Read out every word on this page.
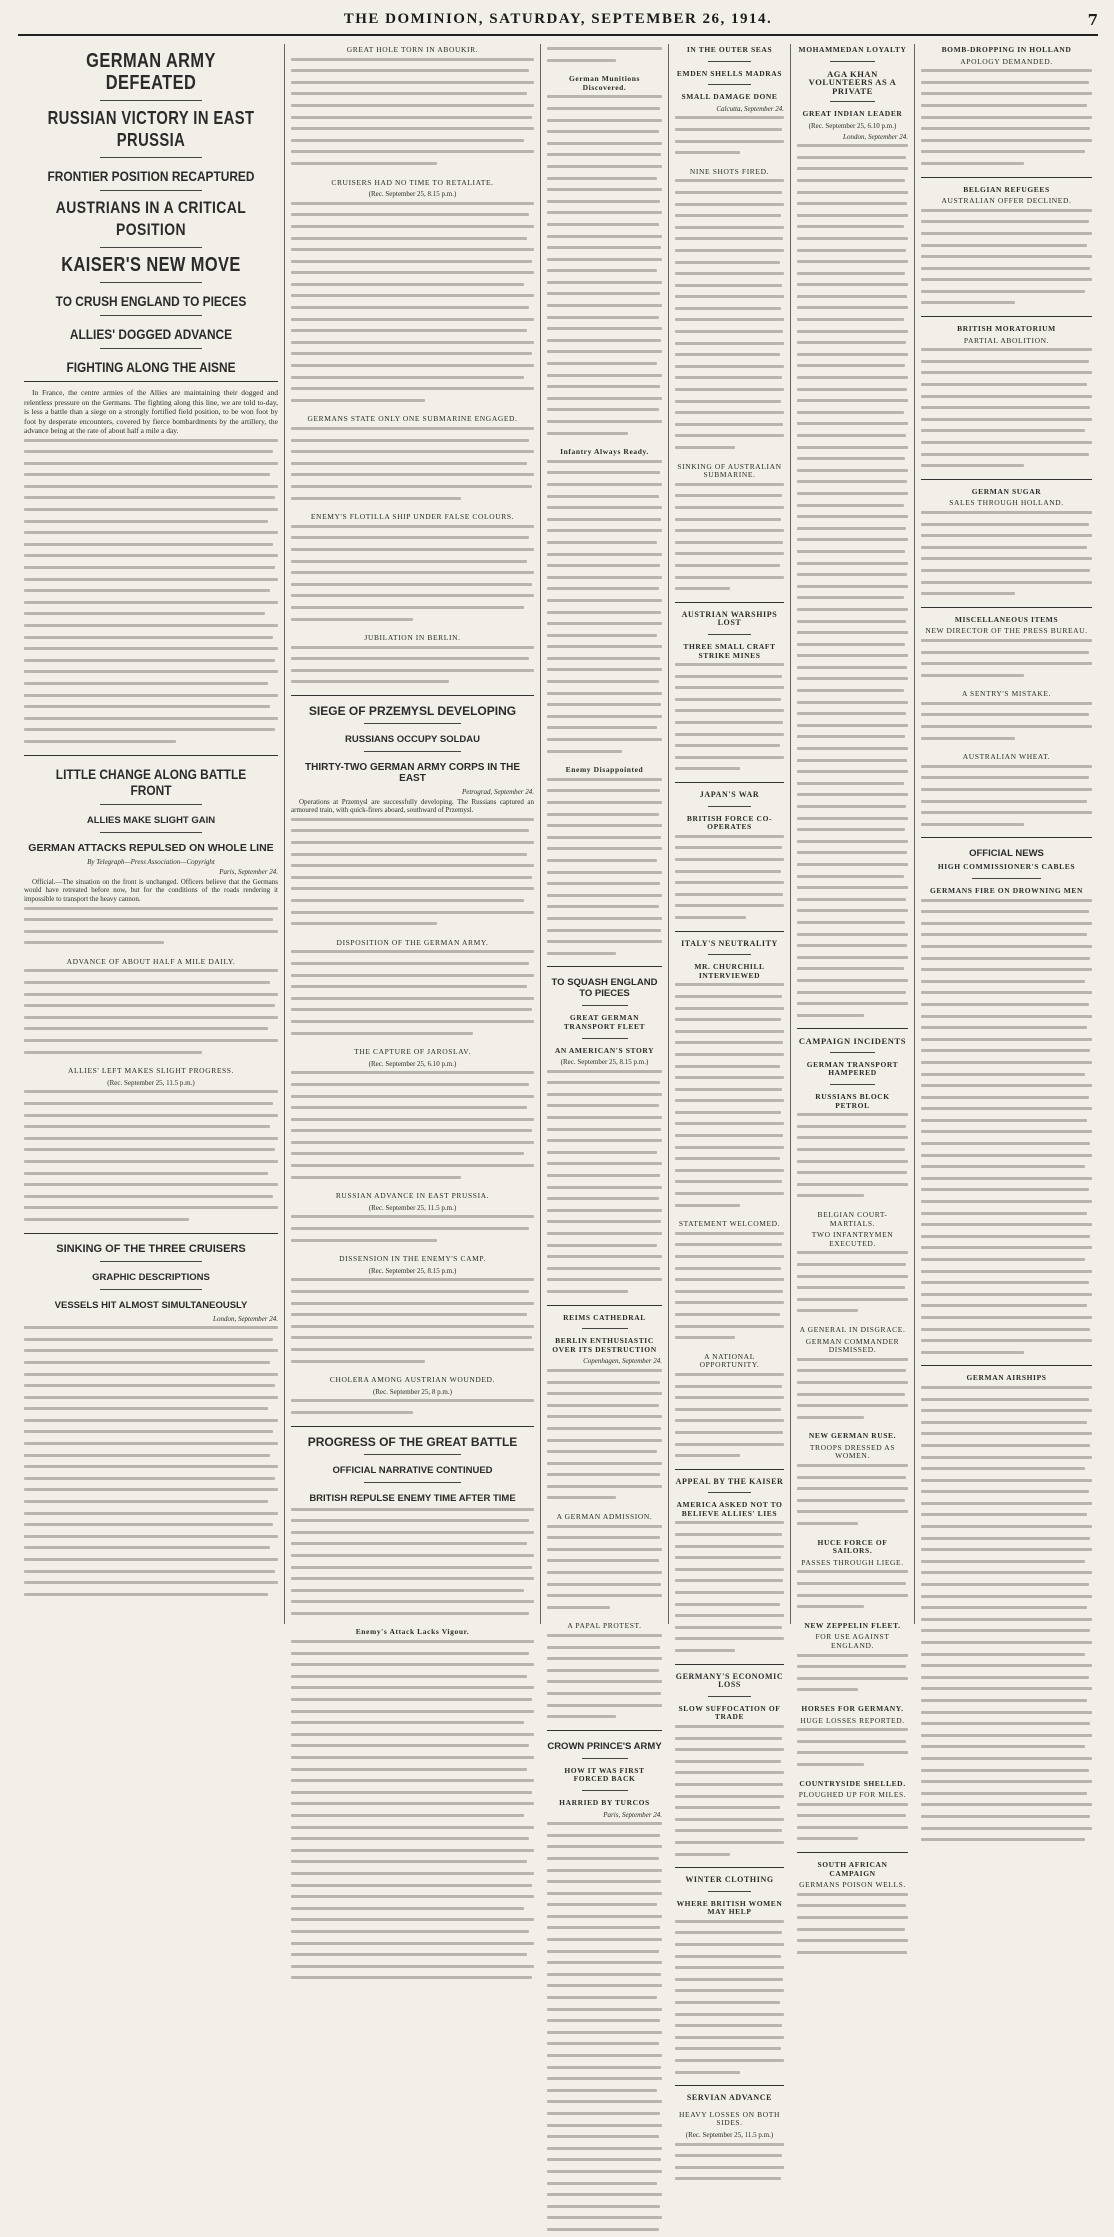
THE DOMINION, SATURDAY, SEPTEMBER 26, 1914.	7
GERMAN ARMY DEFEATED
RUSSIAN VICTORY IN EAST PRUSSIA
FRONTIER POSITION RECAPTURED
AUSTRIANS IN A CRITICAL POSITION
KAISER'S NEW MOVE
TO CRUSH ENGLAND TO PIECES
ALLIES' DOGGED ADVANCE
FIGHTING ALONG THE AISNE

In France, the centre armies of the Allies are maintaining their dogged and relentless pressure on the Germans. The fighting along this line, we are told to-day, is less a battle than a siege on a strongly fortified field position, to be won foot by foot by desperate encounters, covered by fierce bombardments by the artillery, the advance being at the rate of about half a mile a day.

LITTLE CHANGE ALONG BATTLE FRONT
ALLIES MAKE SLIGHT GAIN
GERMAN ATTACKS REPULSED ON WHOLE LINE
By Telegraph—Press Association—Copyright
Paris, September 24.

Official.—The situation on the front is unchanged. Officers believe that the Germans would have retreated before now, but for the conditions of the roads rendering it impossible to transport the heavy cannon.

ADVANCE OF ABOUT HALF A MILE DAILY.
ALLIES' LEFT MAKES SLIGHT PROGRESS.
(Rec. September 25, 11.5 p.m.)
SINKING OF THE THREE CRUISERS
GRAPHIC DESCRIPTIONS
VESSELS HIT ALMOST SIMULTANEOUSLY
London, September 24.
GREAT HOLE TORN IN ABOUKIR.
CRUISERS HAD NO TIME TO RETALIATE.
(Rec. September 25, 8.15 p.m.)
GERMANS STATE ONLY ONE SUBMARINE ENGAGED.
ENEMY'S FLOTILLA SHIP UNDER FALSE COLOURS.
JUBILATION IN BERLIN.
SIEGE OF PRZEMYSL DEVELOPING
RUSSIANS OCCUPY SOLDAU
THIRTY-TWO GERMAN ARMY CORPS IN THE EAST
Petrograd, September 24.

Operations at Przemysl are successfully developing. The Russians captured an armoured train, with quick-firers aboard, southward of Przemysl.

DISPOSITION OF THE GERMAN ARMY.
THE CAPTURE OF JAROSLAV.
(Rec. September 25, 6.10 p.m.)
RUSSIAN ADVANCE IN EAST PRUSSIA.
(Rec. September 25, 11.5 p.m.)
DISSENSION IN THE ENEMY'S CAMP.
(Rec. September 25, 8.15 p.m.)
CHOLERA AMONG AUSTRIAN WOUNDED.
(Rec. September 25, 8 p.m.)
PROGRESS OF THE GREAT BATTLE
OFFICIAL NARRATIVE CONTINUED
BRITISH REPULSE ENEMY TIME AFTER TIME
Enemy's Attack Lacks Vigour.
German Munitions Discovered.
Infantry Always Ready.
Enemy Disappointed
TO SQUASH ENGLAND TO PIECES
GREAT GERMAN TRANSPORT FLEET
AN AMERICAN'S STORY
(Rec. September 25, 8.15 p.m.)
REIMS CATHEDRAL
BERLIN ENTHUSIASTIC OVER ITS DESTRUCTION
Copenhagen, September 24.
A GERMAN ADMISSION.
A PAPAL PROTEST.
CROWN PRINCE'S ARMY
HOW IT WAS FIRST FORCED BACK
HARRIED BY TURCOS
Paris, September 24.
IN THE OUTER SEAS
EMDEN SHELLS MADRAS
SMALL DAMAGE DONE
Calcutta, September 24.
NINE SHOTS FIRED.
SINKING OF AUSTRALIAN SUBMARINE.
AUSTRIAN WARSHIPS LOST
THREE SMALL CRAFT STRIKE MINES
JAPAN'S WAR
BRITISH FORCE CO-OPERATES
ITALY'S NEUTRALITY
MR. CHURCHILL INTERVIEWED
STATEMENT WELCOMED.
A NATIONAL OPPORTUNITY.
APPEAL BY THE KAISER
AMERICA ASKED NOT TO BELIEVE ALLIES' LIES
GERMANY'S ECONOMIC LOSS
SLOW SUFFOCATION OF TRADE
WINTER CLOTHING
WHERE BRITISH WOMEN MAY HELP
SERVIAN ADVANCE
HEAVY LOSSES ON BOTH SIDES.
(Rec. September 25, 11.5 p.m.)
MOHAMMEDAN LOYALTY
AGA KHAN VOLUNTEERS AS A PRIVATE
GREAT INDIAN LEADER
(Rec. September 25, 6.10 p.m.)
London, September 24.
CAMPAIGN INCIDENTS
GERMAN TRANSPORT HAMPERED
RUSSIANS BLOCK PETROL
BELGIAN COURT-MARTIALS.
TWO INFANTRYMEN EXECUTED.
A GENERAL IN DISGRACE.
GERMAN COMMANDER DISMISSED.
NEW GERMAN RUSE.
TROOPS DRESSED AS WOMEN.
HUCE FORCE OF SAILORS.
PASSES THROUGH LIEGE.
NEW ZEPPELIN FLEET.
FOR USE AGAINST ENGLAND.
HORSES FOR GERMANY.
HUGE LOSSES REPORTED.
COUNTRYSIDE SHELLED.
PLOUGHED UP FOR MILES.
SOUTH AFRICAN CAMPAIGN
GERMANS POISON WELLS.
BOMB-DROPPING IN HOLLAND
APOLOGY DEMANDED.
BELGIAN REFUGEES
AUSTRALIAN OFFER DECLINED.
BRITISH MORATORIUM
PARTIAL ABOLITION.
GERMAN SUGAR
SALES THROUGH HOLLAND.
MISCELLANEOUS ITEMS
NEW DIRECTOR OF THE PRESS BUREAU.
A SENTRY'S MISTAKE.
AUSTRALIAN WHEAT.
OFFICIAL NEWS
HIGH COMMISSIONER'S CABLES
GERMANS FIRE ON DROWNING MEN
GERMAN AIRSHIPS
